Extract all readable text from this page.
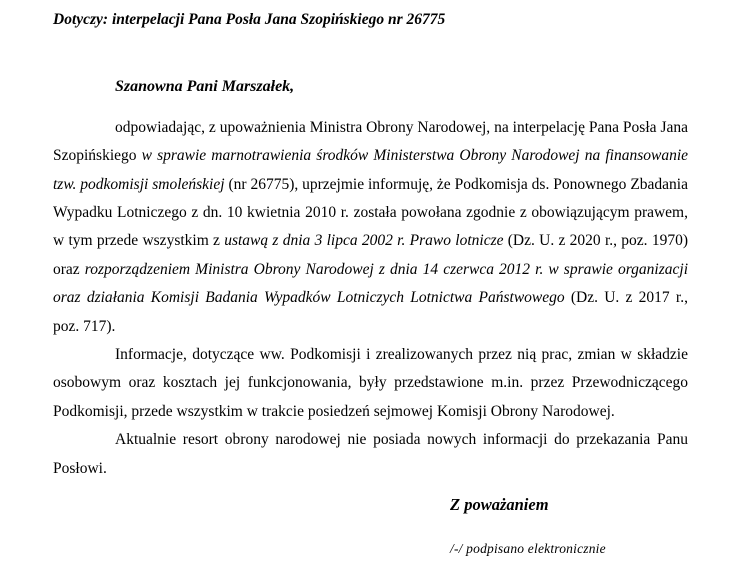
Dotyczy: interpelacji Pana Posła Jana Szopińskiego nr 26775

Szanowna Pani Marszałek,

odpowiadając, z upoważnienia Ministra Obrony Narodowej, na interpelację Pana Posła Jana Szopińskiego w sprawie marnotrawienia środków Ministerstwa Obrony Narodowej na finansowanie tzw. podkomisji smoleńskiej (nr 26775), uprzejmie informuję, że Podkomisja ds. Ponownego Zbadania Wypadku Lotniczego z dn. 10 kwietnia 2010 r. została powołana zgodnie z obowiązującym prawem, w tym przede wszystkim z ustawą z dnia 3 lipca 2002 r. Prawo lotnicze (Dz. U. z 2020 r., poz. 1970) oraz rozporządzeniem Ministra Obrony Narodowej z dnia 14 czerwca 2012 r. w sprawie organizacji oraz działania Komisji Badania Wypadków Lotniczych Lotnictwa Państwowego (Dz. U. z 2017 r., poz. 717).

Informacje, dotyczące ww. Podkomisji i zrealizowanych przez nią prac, zmian w składzie osobowym oraz kosztach jej funkcjonowania, były przedstawione m.in. przez Przewodniczącego Podkomisji, przede wszystkim w trakcie posiedzeń sejmowej Komisji Obrony Narodowej.

Aktualnie resort obrony narodowej nie posiada nowych informacji do przekazania Panu Posłowi.

Z poważaniem

/-/ podpisano elektronicznie
